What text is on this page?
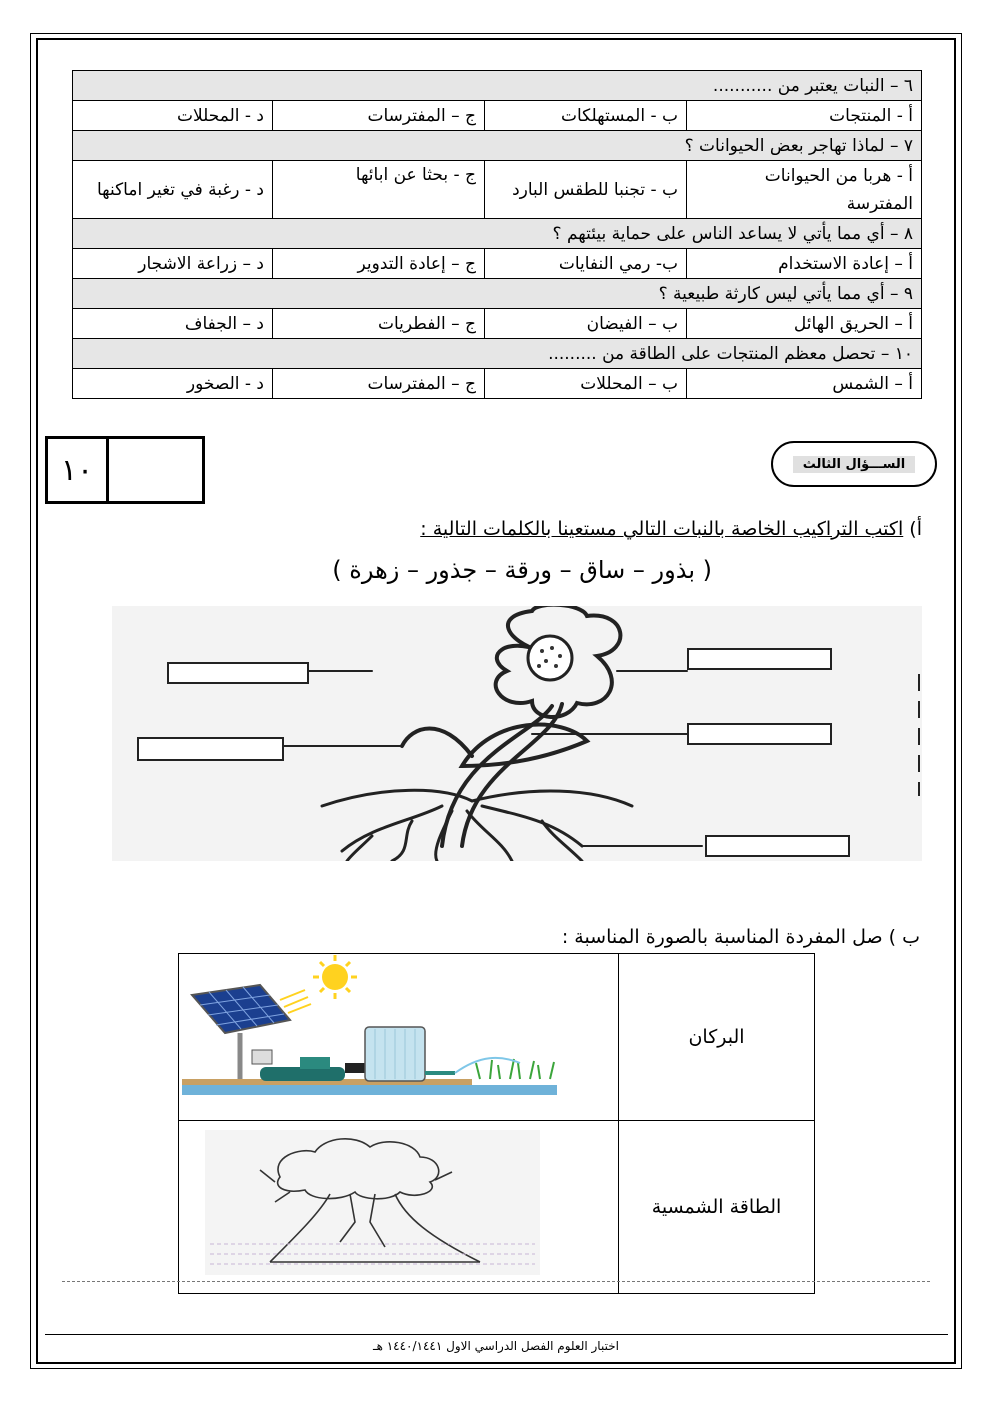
٦ – النبات يعتبر من ...........			
أ - المنتجات	ب - المستهلكات	ج – المفترسات	د - المحللات
٧ – لماذا تهاجر بعض الحيوانات ؟			
أ - هربا من الحيوانات المفترسة	ب - تجنبا للطقس البارد	ج - بحثا عن ابائها	د - رغبة في تغير اماكنها
٨ – أي مما يأتي لا يساعد الناس على حماية بيئتهم ؟			
أ – إعادة الاستخدام	ب- رمي النفايات	ج – إعادة التدوير	د – زراعة الاشجار
٩ – أي مما يأتي ليس كارثة طبيعية ؟			
أ – الحريق الهائل	ب – الفيضان	ج – الفطريات	د – الجفاف
١٠ – تحصل معظم المنتجات على الطاقة من .........			
أ – الشمس	ب – المحللات	ج – المفترسات	د - الصخور
١٠	الســـؤال الثالث
أ) اكتب التراكيب الخاصة بالنبات التالي مستعينا بالكلمات التالية :
( بذور – ساق – ورقة – جذور – زهرة )
ب ) صل المفردة المناسبة بالصورة المناسبة :
	البركان
	الطاقة الشمسية
اختبار العلوم الفصل الدراسي الاول ١٤٤٠/١٤٤١ هـ
